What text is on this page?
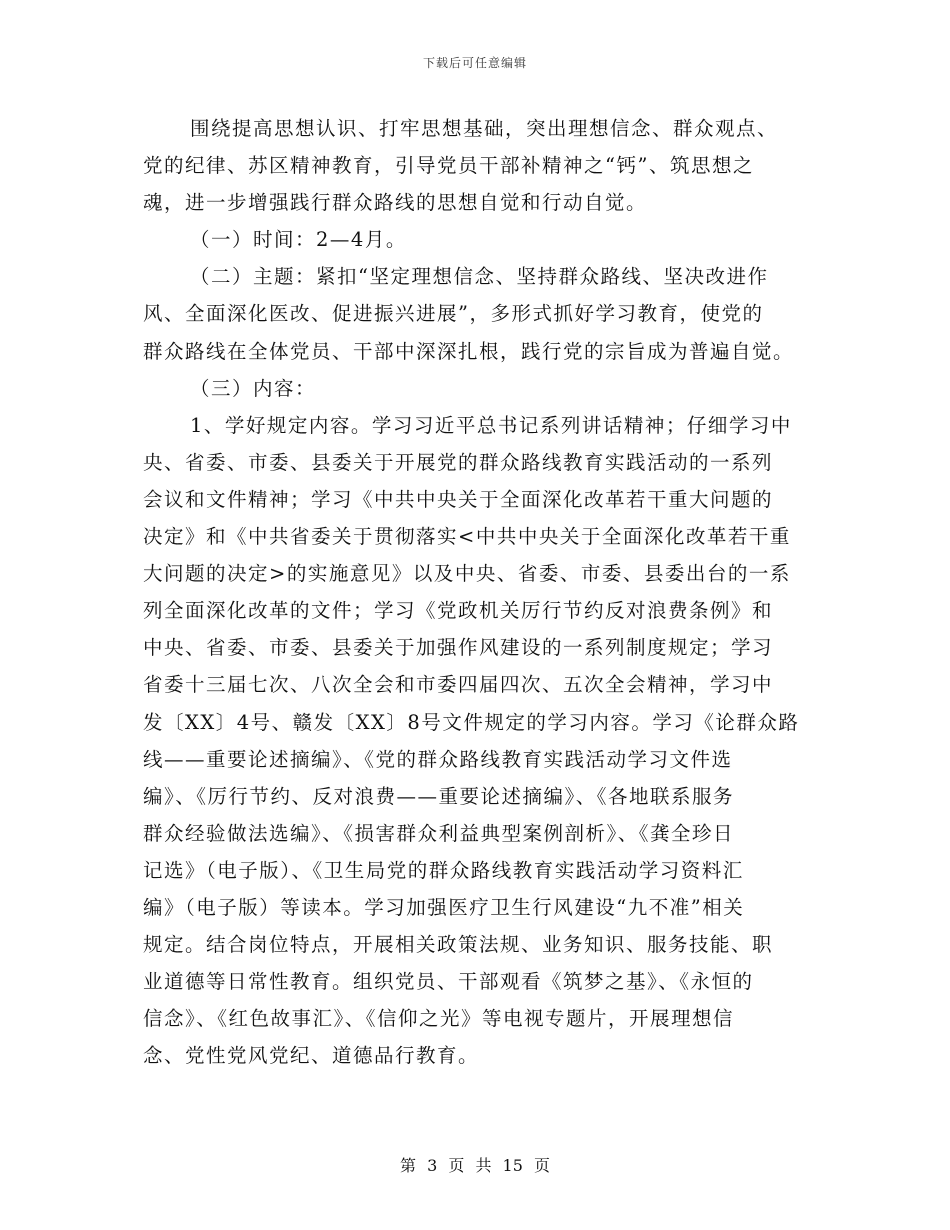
下载后可任意编辑
围绕提高思想认识、打牢思想基础，突出理想信念、群众观点、
党的纪律、苏区精神教育，引导党员干部补精神之“钙”、筑思想之
魂，进一步增强践行群众路线的思想自觉和行动自觉。
（一）时间：2—4月。
（二）主题：紧扣“坚定理想信念、坚持群众路线、坚决改进作
风、全面深化医改、促进振兴进展”，多形式抓好学习教育，使党的
群众路线在全体党员、干部中深深扎根，践行党的宗旨成为普遍自觉。
（三）内容：
1、学好规定内容。学习习近平总书记系列讲话精神；仔细学习中
央、省委、市委、县委关于开展党的群众路线教育实践活动的一系列
会议和文件精神；学习《中共中央关于全面深化改革若干重大问题的
决定》和《中共省委关于贯彻落实<中共中央关于全面深化改革若干重
大问题的决定>的实施意见》以及中央、省委、市委、县委出台的一系
列全面深化改革的文件；学习《党政机关厉行节约反对浪费条例》和
中央、省委、市委、县委关于加强作风建设的一系列制度规定；学习
省委十三届七次、八次全会和市委四届四次、五次全会精神，学习中
发〔XX〕4号、赣发〔XX〕8号文件规定的学习内容。学习《论群众路
线——重要论述摘编》、《党的群众路线教育实践活动学习文件选
编》、《厉行节约、反对浪费——重要论述摘编》、《各地联系服务
群众经验做法选编》、《损害群众利益典型案例剖析》、《龚全珍日
记选》（电子版）、《卫生局党的群众路线教育实践活动学习资料汇
编》（电子版）等读本。学习加强医疗卫生行风建设“九不准”相关
规定。结合岗位特点，开展相关政策法规、业务知识、服务技能、职
业道德等日常性教育。组织党员、干部观看《筑梦之基》、《永恒的
信念》、《红色故事汇》、《信仰之光》等电视专题片，开展理想信
念、党性党风党纪、道德品行教育。
第 3 页 共 15 页
